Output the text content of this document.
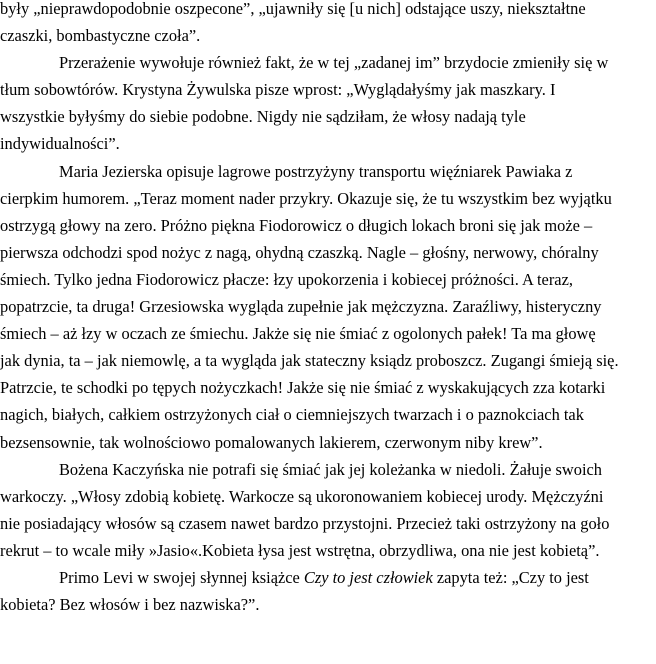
były „nieprawdopodobnie oszpecone”, „ujawniły się [u nich] odstające uszy, niekształtne
czaszki, bombastyczne czoła”.
Przerażenie wywołuje również fakt, że w tej „zadanej im” brzydocie zmieniły się w
tłum sobowtórów. Krystyna Żywulska pisze wprost: „Wyglądałyśmy jak maszkary. I
wszystkie byłyśmy do siebie podobne. Nigdy nie sądziłam, że włosy nadają tyle
indywidualności”.
Maria Jezierska opisuje lagrowe postrzyżyny transportu więźniarek Pawiaka z
cierpkim humorem. „Teraz moment nader przykry. Okazuje się, że tu wszystkim bez wyjątku
ostrzygą głowy na zero. Próżno piękna Fiodorowicz o długich lokach broni się jak może –
pierwsza odchodzi spod nożyc z nagą, ohydną czaszką. Nagle – głośny, nerwowy, chóralny
śmiech. Tylko jedna Fiodorowicz płacze: łzy upokorzenia i kobiecej próżności. A teraz,
popatrzcie, ta druga! Grzesiowska wygląda zupełnie jak mężczyzna. Zaraźliwy, histeryczny
śmiech – aż łzy w oczach ze śmiechu. Jakże się nie śmiać z ogolonych pałek! Ta ma głowę
jak dynia, ta – jak niemowlę, a ta wygląda jak stateczny ksiądz proboszcz. Zugangi śmieją się.
Patrzcie, te schodki po tępych nożyczkach! Jakże się nie śmiać z wyskakujących zza kotarki
nagich, białych, całkiem ostrzyżonych ciał o ciemniejszych twarzach i o paznokciach tak
bezsensownie, tak wolnościowo pomalowanych lakierem, czerwonym niby krew”.
Bożena Kaczyńska nie potrafi się śmiać jak jej koleżanka w niedoli. Żałuje swoich
warkoczy. „Włosy zdobią kobietę. Warkocze są ukoronowaniem kobiecej urody. Mężczyźni
nie posiadający włosów są czasem nawet bardzo przystojni. Przecież taki ostrzyżony na goło
rekrut – to wcale miły »Jasio«.Kobieta łysa jest wstrętna, obrzydliwa, ona nie jest kobietą”.
Primo Levi w swojej słynnej książce Czy to jest człowiek zapyta też: „Czy to jest
kobieta? Bez włosów i bez nazwiska?”.
